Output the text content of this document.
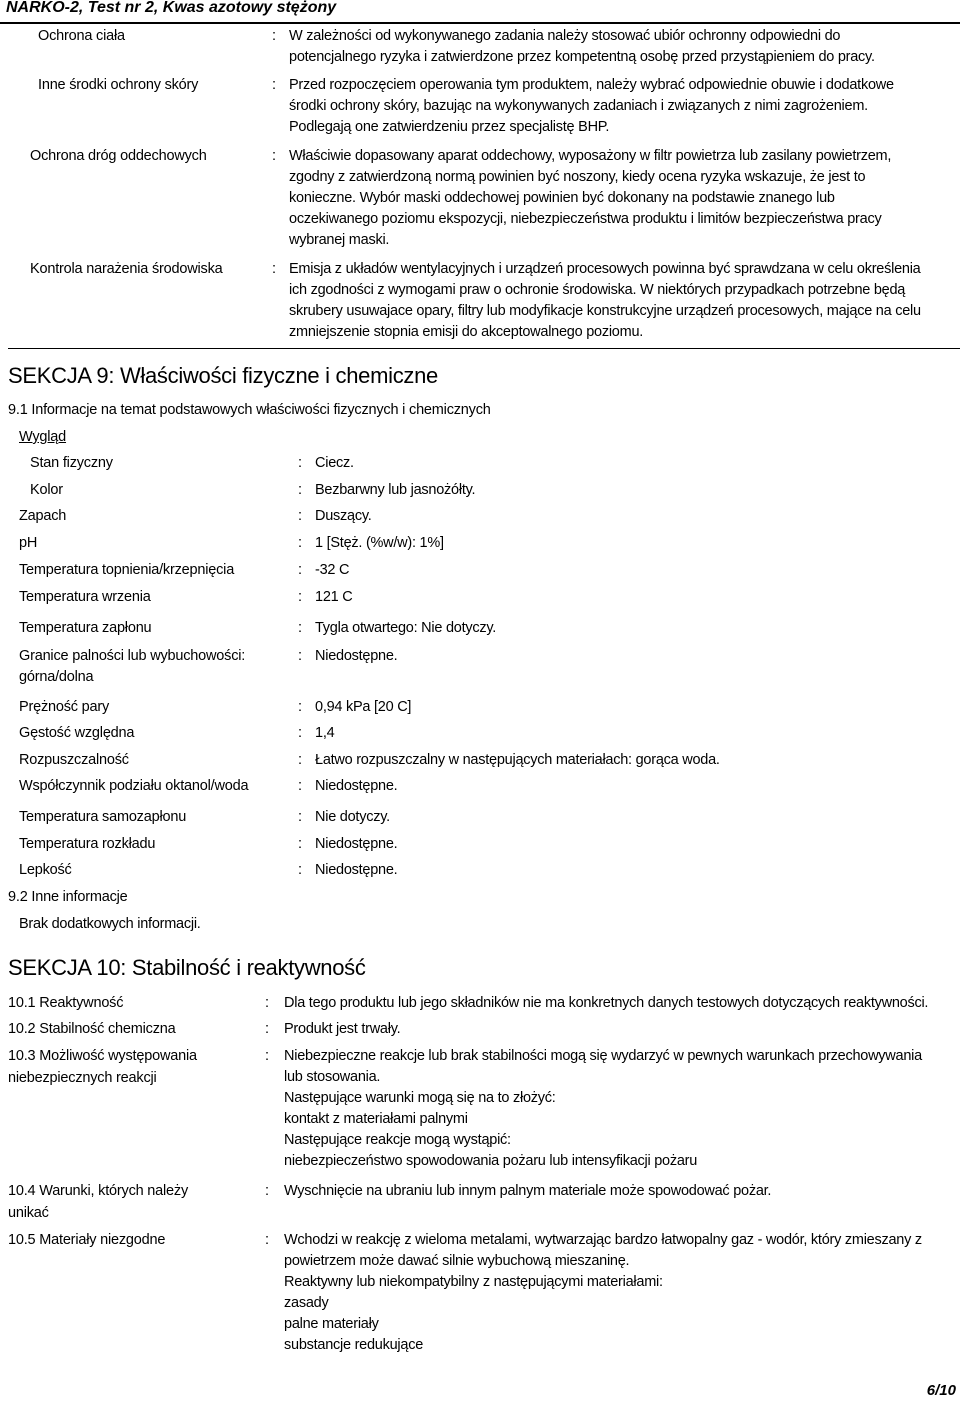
NARKO-2, Test nr 2, Kwas azotowy stężony
Ochrona ciała	: W zależności od wykonywanego zadania należy stosować ubiór ochronny odpowiedni do
potencjalnego ryzyka i zatwierdzone przez kompetentną osobę przed przystąpieniem do pracy.
Inne środki ochrony skóry	: Przed rozpoczęciem operowania tym produktem, należy wybrać odpowiednie obuwie i dodatkowe
środki ochrony skóry, bazując na wykonywanych zadaniach i związanych z nimi zagrożeniem.
Podlegają one zatwierdzeniu przez specjalistę BHP.
Ochrona dróg oddechowych	: Właściwie dopasowany aparat oddechowy, wyposażony w filtr powietrza lub zasilany powietrzem,
zgodny z zatwierdzoną normą powinien być noszony, kiedy ocena ryzyka wskazuje, że jest to
konieczne. Wybór maski oddechowej powinien być dokonany na podstawie znanego lub
oczekiwanego poziomu ekspozycji, niebezpieczeństwa produktu i limitów bezpieczeństwa pracy
wybranej maski.
Kontrola narażenia środowiska	: Emisja z układów wentylacyjnych i urządzeń procesowych powinna być sprawdzana w celu określenia
ich zgodności z wymogami praw o ochronie środowiska. W niektórych przypadkach potrzebne będą
skrubery usuwajace opary, filtry lub modyfikacje konstrukcyjne urządzeń procesowych, mające na celu
zmniejszenie stopnia emisji do akceptowalnego poziomu.
SEKCJA 9: Właściwości fizyczne i chemiczne
9.1 Informacje na temat podstawowych właściwości fizycznych i chemicznych
Wygląd
Stan fizyczny	: Ciecz.
Kolor	: Bezbarwny lub jasnożółty.
Zapach	: Duszący.
pH	: 1 [Stęż. (%w/w): 1%]
Temperatura topnienia/krzepnięcia	: -32 C
Temperatura wrzenia	: 121 C
Temperatura zapłonu	: Tygla otwartego: Nie dotyczy.
Granice palności lub wybuchowości:
górna/dolna
: Niedostępne.
Prężność pary	: 0,94 kPa [20 C]
Gęstość względna	: 1,4
Rozpuszczalność	: Łatwo rozpuszczalny w następujących materiałach: gorąca woda.
Współczynnik podziału oktanol/woda	: Niedostępne.
Temperatura samozapłonu	: Nie dotyczy.
Temperatura rozkładu	: Niedostępne.
Lepkość	: Niedostępne.
9.2 Inne informacje
Brak dodatkowych informacji.
SEKCJA 10: Stabilność i reaktywność
10.1 Reaktywność	: Dla tego produktu lub jego składników nie ma konkretnych danych testowych dotyczących reaktywności.
10.2 Stabilność chemiczna	: Produkt jest trwały.
10.3 Możliwość występowania
niebezpiecznych reakcji
: Niebezpieczne reakcje lub brak stabilności mogą się wydarzyć w pewnych warunkach przechowywania
lub stosowania.
Następujące warunki mogą się na to złożyć:
kontakt z materiałami palnymi
Następujące reakcje mogą wystąpić:
niebezpieczeństwo spowodowania pożaru lub intensyfikacji pożaru
10.4 Warunki, których należy
unikać
: Wyschnięcie na ubraniu lub innym palnym materiale może spowodować pożar.
10.5 Materiały niezgodne	: Wchodzi w reakcję z wieloma metalami, wytwarzając bardzo łatwopalny gaz - wodór, który zmieszany z
powietrzem może dawać silnie wybuchową mieszaninę.
Reaktywny lub niekompatybilny z następującymi materiałami:
zasady
palne materiały
substancje redukujące
6/10
